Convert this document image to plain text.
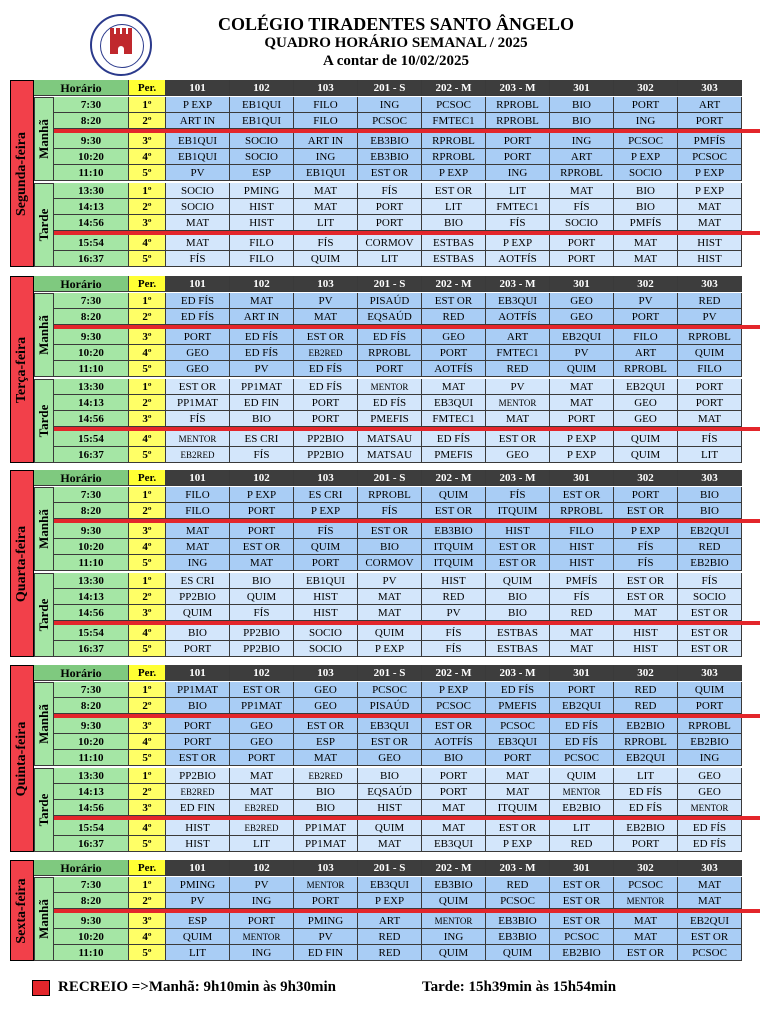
COLÉGIO TIRADENTES SANTO ÂNGELO
QUADRO HORÁRIO SEMANAL / 2025
A contar de 10/02/2025
Horário	Per.	101	102	103	201 - S	202 - M	203 - M	301	302	303
Manhã
7:30	1º	P EXP	EB1QUI	FILO	ING	PCSOC	RPROBL	BIO	PORT	ART
8:20	2º	ART IN	EB1QUI	FILO	PCSOC	FMTEC1	RPROBL	BIO	ING	PORT
9:30	3º	EB1QUI	SOCIO	ART IN	EB3BIO	RPROBL	PORT	ING	PCSOC	PMFÍS
10:20	4º	EB1QUI	SOCIO	ING	EB3BIO	RPROBL	PORT	ART	P EXP	PCSOC
11:10	5º	PV	ESP	EB1QUI	EST OR	P EXP	ING	RPROBL	SOCIO	P EXP
Tarde
13:30	1º	SOCIO	PMING	MAT	FÍS	EST OR	LIT	MAT	BIO	P EXP
14:13	2º	SOCIO	HIST	MAT	PORT	LIT	FMTEC1	FÍS	BIO	MAT
14:56	3º	MAT	HIST	LIT	PORT	BIO	FÍS	SOCIO	PMFÍS	MAT
15:54	4º	MAT	FILO	FÍS	CORMOV	ESTBAS	P EXP	PORT	MAT	HIST
16:37	5º	FÍS	FILO	QUIM	LIT	ESTBAS	AOTFÍS	PORT	MAT	HIST
Segunda-feira
Horário	Per.	101	102	103	201 - S	202 - M	203 - M	301	302	303
Manhã
7:30	1º	ED FÍS	MAT	PV	PISAÚD	EST OR	EB3QUI	GEO	PV	RED
8:20	2º	ED FÍS	ART IN	MAT	EQSAÚD	RED	AOTFÍS	GEO	PORT	PV
9:30	3º	PORT	ED FÍS	EST OR	ED FÍS	GEO	ART	EB2QUI	FILO	RPROBL
10:20	4º	GEO	ED FÍS	EB2RED	RPROBL	PORT	FMTEC1	PV	ART	QUIM
11:10	5º	GEO	PV	ED FÍS	PORT	AOTFÍS	RED	QUIM	RPROBL	FILO
Tarde
13:30	1º	EST OR	PP1MAT	ED FÍS	MENTOR	MAT	PV	MAT	EB2QUI	PORT
14:13	2º	PP1MAT	ED FIN	PORT	ED FÍS	EB3QUI	MENTOR	MAT	GEO	PORT
14:56	3º	FÍS	BIO	PORT	PMEFIS	FMTEC1	MAT	PORT	GEO	MAT
15:54	4º	MENTOR	ES CRI	PP2BIO	MATSAU	ED FÍS	EST OR	P EXP	QUIM	FÍS
16:37	5º	EB2RED	FÍS	PP2BIO	MATSAU	PMEFIS	GEO	P EXP	QUIM	LIT
Terça-feira
Horário	Per.	101	102	103	201 - S	202 - M	203 - M	301	302	303
Manhã
7:30	1º	FILO	P EXP	ES CRI	RPROBL	QUIM	FÍS	EST OR	PORT	BIO
8:20	2º	FILO	PORT	P EXP	FÍS	EST OR	ITQUIM	RPROBL	EST OR	BIO
9:30	3º	MAT	PORT	FÍS	EST OR	EB3BIO	HIST	FILO	P EXP	EB2QUI
10:20	4º	MAT	EST OR	QUIM	BIO	ITQUIM	EST OR	HIST	FÍS	RED
11:10	5º	ING	MAT	PORT	CORMOV	ITQUIM	EST OR	HIST	FÍS	EB2BIO
Tarde
13:30	1º	ES CRI	BIO	EB1QUI	PV	HIST	QUIM	PMFÍS	EST OR	FÍS
14:13	2º	PP2BIO	QUIM	HIST	MAT	RED	BIO	FÍS	EST OR	SOCIO
14:56	3º	QUIM	FÍS	HIST	MAT	PV	BIO	RED	MAT	EST OR
15:54	4º	BIO	PP2BIO	SOCIO	QUIM	FÍS	ESTBAS	MAT	HIST	EST OR
16:37	5º	PORT	PP2BIO	SOCIO	P EXP	FÍS	ESTBAS	MAT	HIST	EST OR
Quarta-feira
Horário	Per.	101	102	103	201 - S	202 - M	203 - M	301	302	303
Manhã
7:30	1º	PP1MAT	EST OR	GEO	PCSOC	P EXP	ED FÍS	PORT	RED	QUIM
8:20	2º	BIO	PP1MAT	GEO	PISAÚD	PCSOC	PMEFIS	EB2QUI	RED	PORT
9:30	3º	PORT	GEO	EST OR	EB3QUI	EST OR	PCSOC	ED FÍS	EB2BIO	RPROBL
10:20	4º	PORT	GEO	ESP	EST OR	AOTFÍS	EB3QUI	ED FÍS	RPROBL	EB2BIO
11:10	5º	EST OR	PORT	MAT	GEO	BIO	PORT	PCSOC	EB2QUI	ING
Tarde
13:30	1º	PP2BIO	MAT	EB2RED	BIO	PORT	MAT	QUIM	LIT	GEO
14:13	2º	EB2RED	MAT	BIO	EQSAÚD	PORT	MAT	MENTOR	ED FÍS	GEO
14:56	3º	ED FIN	EB2RED	BIO	HIST	MAT	ITQUIM	EB2BIO	ED FÍS	MENTOR
15:54	4º	HIST	EB2RED	PP1MAT	QUIM	MAT	EST OR	LIT	EB2BIO	ED FÍS
16:37	5º	HIST	LIT	PP1MAT	MAT	EB3QUI	P EXP	RED	PORT	ED FÍS
Quinta-feira
Horário	Per.	101	102	103	201 - S	202 - M	203 - M	301	302	303
Manhã
7:30	1º	PMING	PV	MENTOR	EB3QUI	EB3BIO	RED	EST OR	PCSOC	MAT
8:20	2º	PV	ING	PORT	P EXP	QUIM	PCSOC	EST OR	MENTOR	MAT
9:30	3º	ESP	PORT	PMING	ART	MENTOR	EB3BIO	EST OR	MAT	EB2QUI
10:20	4º	QUIM	MENTOR	PV	RED	ING	EB3BIO	PCSOC	MAT	EST OR
11:10	5º	LIT	ING	ED FIN	RED	QUIM	QUIM	EB2BIO	EST OR	PCSOC
Sexta-feira
RECREIO =>Manhã: 9h10min às 9h30min	Tarde: 15h39min às 15h54min
